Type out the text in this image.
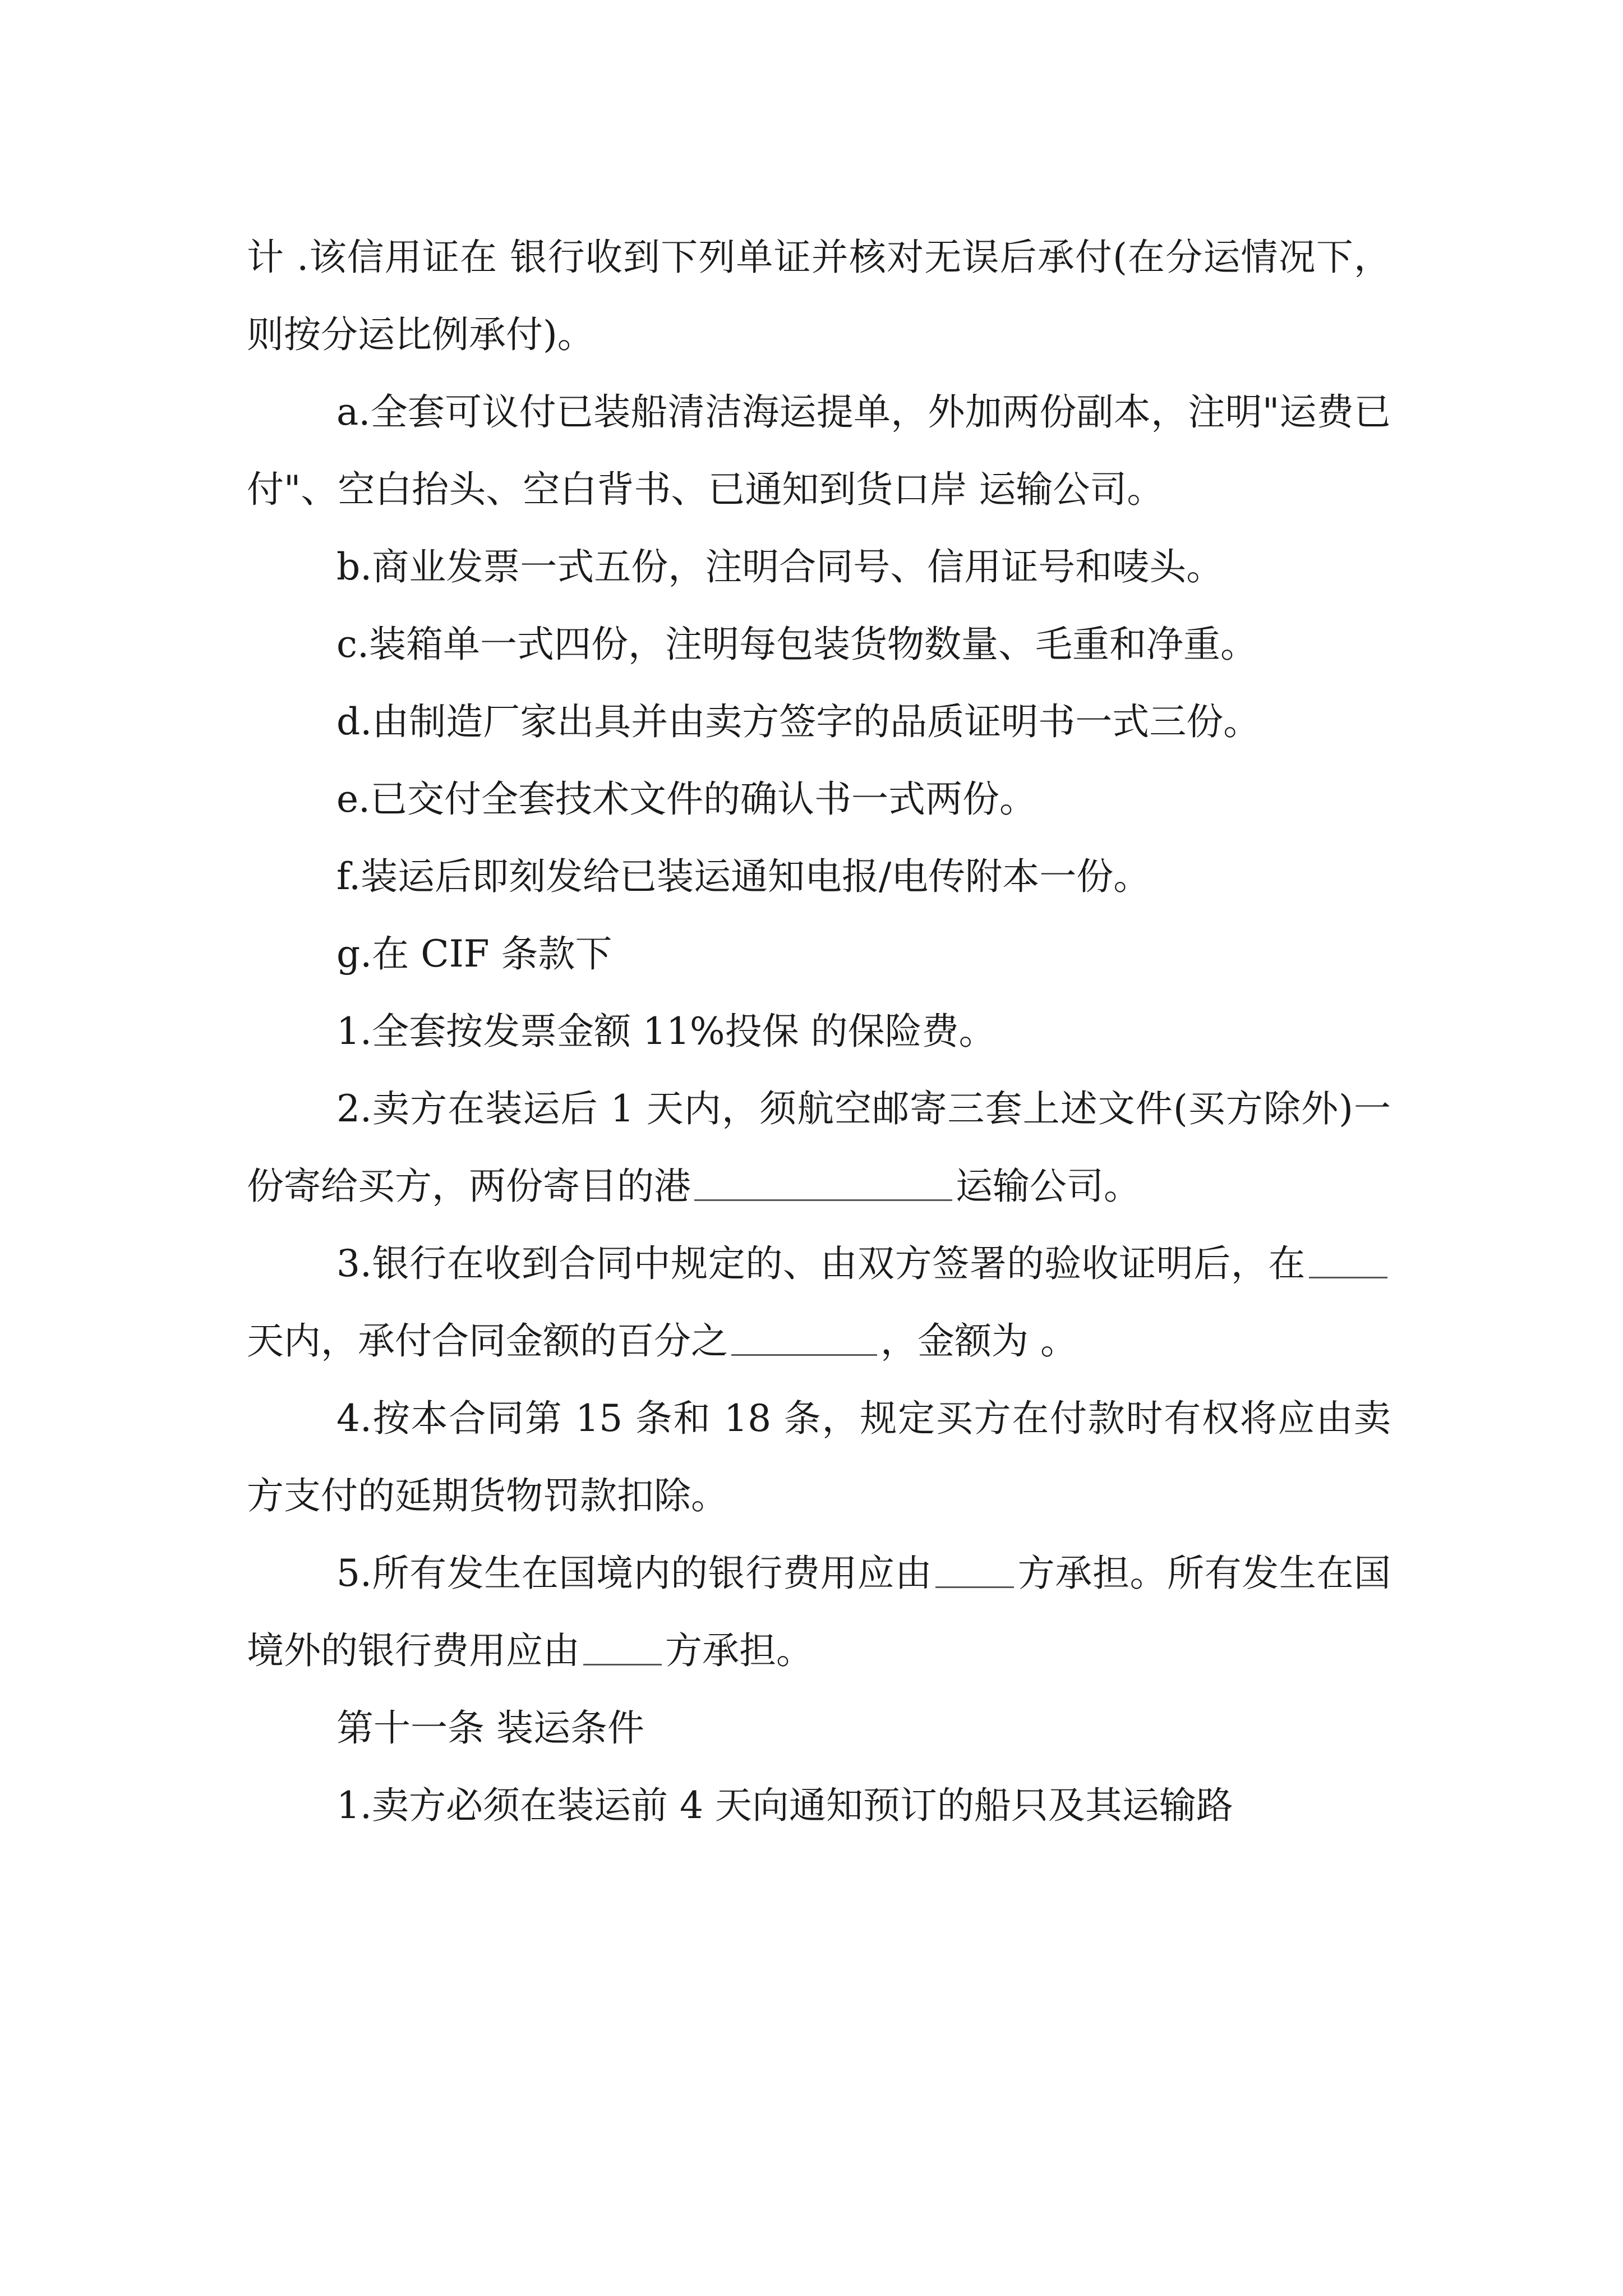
计 .该信用证在 银行收到下列单证并核对无误后承付(在分运情况下，则按分运比例承付)。

a.全套可议付已装船清洁海运提单，外加两份副本，注明"运费已付"、空白抬头、空白背书、已通知到货口岸 运输公司。

b.商业发票一式五份，注明合同号、信用证号和唛头。

c.装箱单一式四份，注明每包装货物数量、毛重和净重。

d.由制造厂家出具并由卖方签字的品质证明书一式三份。

e.已交付全套技术文件的确认书一式两份。

f.装运后即刻发给已装运通知电报/电传附本一份。

g.在 CIF 条款下

1.全套按发票金额 11%投保 的保险费。

2.卖方在装运后 1 天内，须航空邮寄三套上述文件(买方除外)一份寄给买方，两份寄目的港	运输公司。

3.银行在收到合同中规定的、由双方签署的验收证明后，在天内，承付合同金额的百分之	，金额为 。

4.按本合同第 15 条和 18 条，规定买方在付款时有权将应由卖方支付的延期货物罚款扣除。

5.所有发生在国境内的银行费用应由 方承担。所有发生在国境外的银行费用应由 方承担。

第十一条 装运条件

1.卖方必须在装运前 4 天向通知预订的船只及其运输路
